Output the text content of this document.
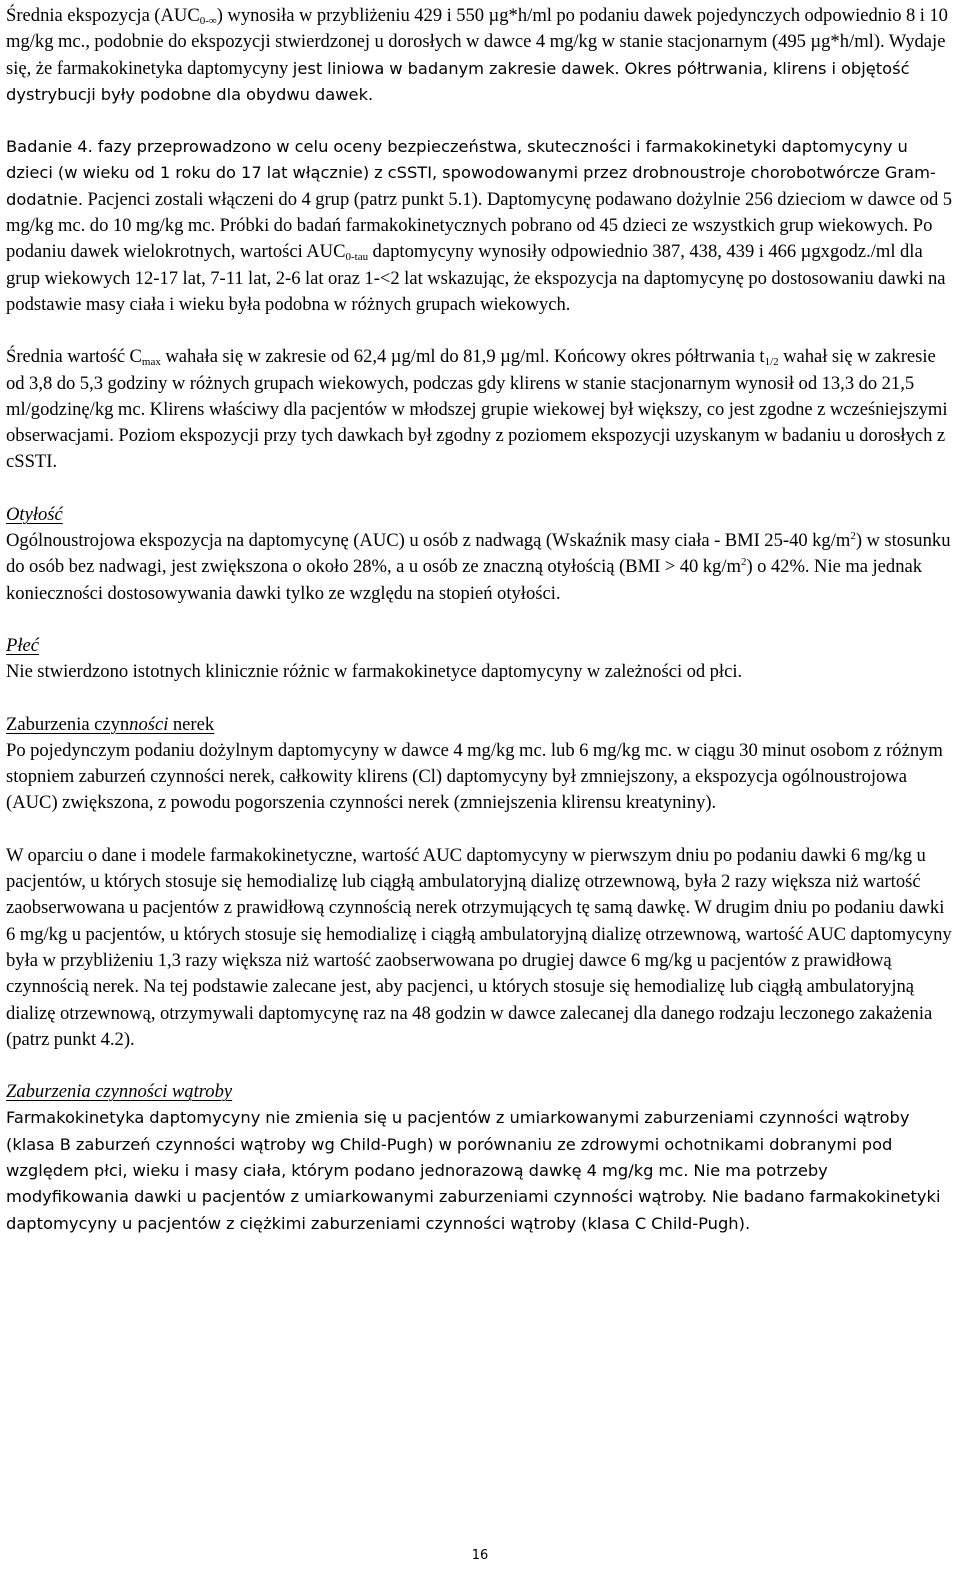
Średnia ekspozycja $(AUC_{0-\infty})$ wynosiła w przybliżeniu 429 i 550 µg*h/ml po podaniu dawek pojedynczych odpowiednio 8 i 10 mg/kg mc., podobnie do ekspozycji stwierdzonej u dorosłych w dawce 4 mg/kg w stanie stacjonarnym (495 µg*h/ml). Wydaje się, że farmakokinetyka daptomycyny jest liniowa w badanym zakresie dawek. Okres półtrwania, klirens i objętość dystrybucji były podobne dla obydwu dawek.

Badanie 4. fazy przeprowadzono w celu oceny bezpieczeństwa, skuteczności i farmakokinetyki daptomycyny u dzieci (w wieku od 1 roku do 17 lat włącznie) z cSSTI, spowodowanymi przez drobnoustroje chorobotwórcze Gram-dodatnie. Pacjenci zostali włączeni do 4 grup (patrz punkt 5.1). Daptomycynę podawano dożylnie 256 dzieciom w dawce od 5 mg/kg mc. do 10 mg/kg mc. Próbki do badań farmakokinetycznych pobrano od 45 dzieci ze wszystkich grup wiekowych. Po podaniu dawek wielokrotnych, wartości $AUC_{0-tau}$ daptomycyny wynosiły odpowiednio 387, 438, 439 i 466 µgxgodz./ml dla grup wiekowych 12-17 lat, 7-11 lat, 2-6 lat oraz 1-<2 lat wskazując, że ekspozycja na daptomycynę po dostosowaniu dawki na podstawie masy ciała i wieku była podobna w różnych grupach wiekowych.

Średnia wartość $C_{max}$ wahała się w zakresie od 62,4 µg/ml do 81,9 µg/ml. Końcowy okres półtrwania $t_{1/2}$ wahał się w zakresie od 3,8 do 5,3 godziny w różnych grupach wiekowych, podczas gdy klirens w stanie stacjonarnym wynosił od 13,3 do 21,5 ml/godzinę/kg mc. Klirens właściwy dla pacjentów w młodszej grupie wiekowej był większy, co jest zgodne z wcześniejszymi obserwacjami. Poziom ekspozycji przy tych dawkach był zgodny z poziomem ekspozycji uzyskanym w badaniu u dorosłych z cSSTI.

Otyłość

Ogólnoustrojowa ekspozycja na daptomycynę (AUC) u osób z nadwagą (Wskaźnik masy ciała - BMI 25-40 $kg/m^2$) w stosunku do osób bez nadwagi, jest zwiększona o około 28%, a u osób ze znaczną otyłością (BMI > 40 $kg/m^2$) o 42%. Nie ma jednak konieczności dostosowywania dawki tylko ze względu na stopień otyłości.

Płeć

Nie stwierdzono istotnych klinicznie różnic w farmakokinetyce daptomycyny w zależności od płci.

Zaburzenia czynności nerek

Po pojedynczym podaniu dożylnym daptomycyny w dawce 4 mg/kg mc. lub 6 mg/kg mc. w ciągu 30 minut osobom z różnym stopniem zaburzeń czynności nerek, całkowity klirens (Cl) daptomycyny był zmniejszony, a ekspozycja ogólnoustrojowa (AUC) zwiększona, z powodu pogorszenia czynności nerek (zmniejszenia klirensu kreatyniny).

W oparciu o dane i modele farmakokinetyczne, wartość AUC daptomycyny w pierwszym dniu po podaniu dawki 6 mg/kg u pacjentów, u których stosuje się hemodializę lub ciągłą ambulatoryjną dializę otrzewnową, była 2 razy większa niż wartość zaobserwowana u pacjentów z prawidłową czynnością nerek otrzymujących tę samą dawkę. W drugim dniu po podaniu dawki 6 mg/kg u pacjentów, u których stosuje się hemodializę i ciągłą ambulatoryjną dializę otrzewnową, wartość AUC daptomycyny była w przybliżeniu 1,3 razy większa niż wartość zaobserwowana po drugiej dawce 6 mg/kg u pacjentów z prawidłową czynnością nerek. Na tej podstawie zalecane jest, aby pacjenci, u których stosuje się hemodializę lub ciągłą ambulatoryjną dializę otrzewnową, otrzymywali daptomycynę raz na 48 godzin w dawce zalecanej dla danego rodzaju leczonego zakażenia (patrz punkt 4.2).

Zaburzenia czynności wątroby

Farmakokinetyka daptomycyny nie zmienia się u pacjentów z umiarkowanymi zaburzeniami czynności wątroby (klasa B zaburzeń czynności wątroby wg Child-Pugh) w porównaniu ze zdrowymi ochotnikami dobranymi pod względem płci, wieku i masy ciała, którym podano jednorazową dawkę 4 mg/kg mc. Nie ma potrzeby modyfikowania dawki u pacjentów z umiarkowanymi zaburzeniami czynności wątroby. Nie badano farmakokinetyki daptomycyny u pacjentów z ciężkimi zaburzeniami czynności wątroby (klasa C Child-Pugh).

16
